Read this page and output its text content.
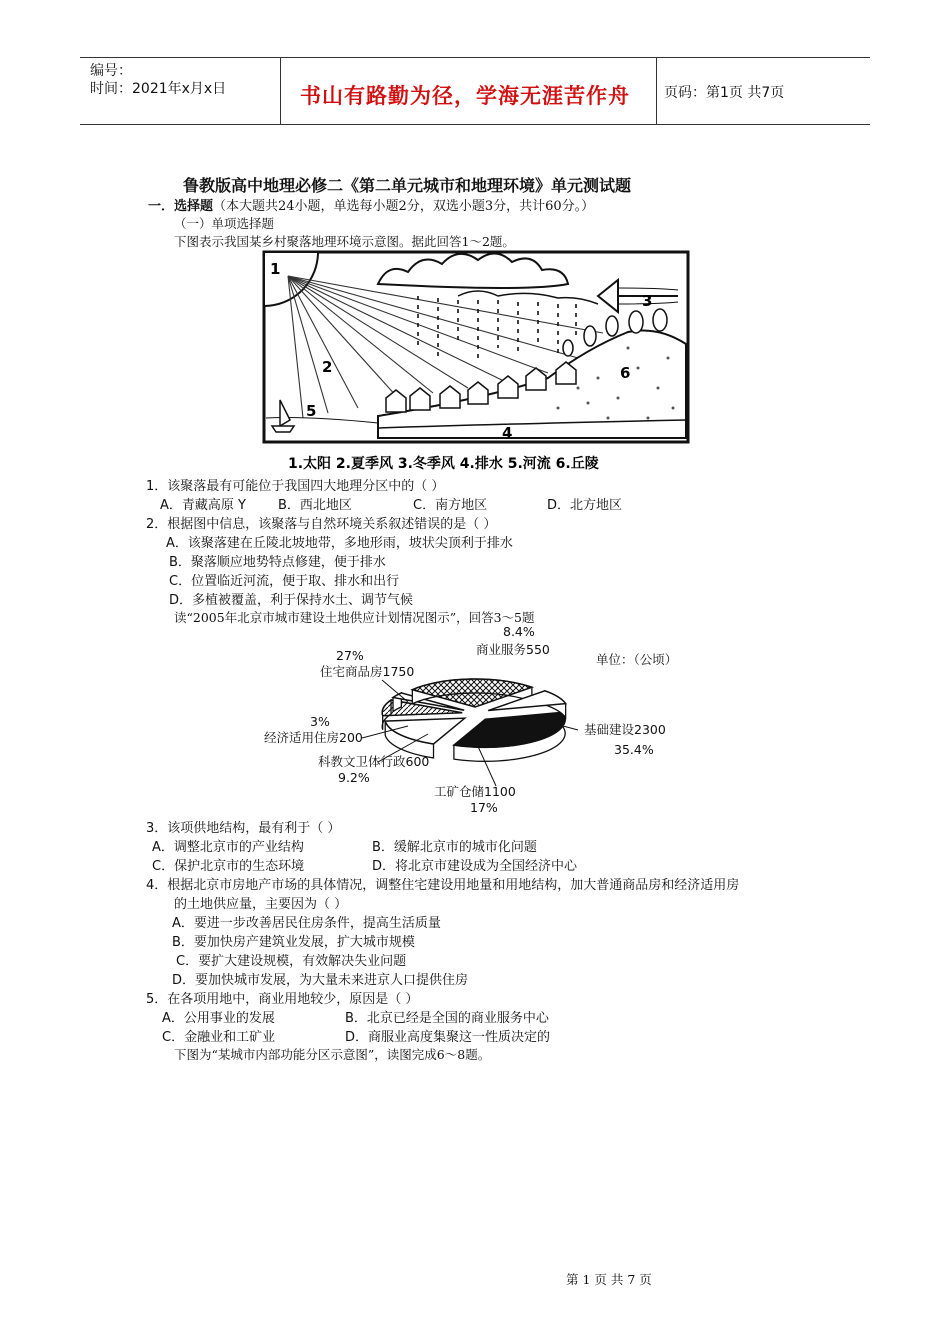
编号：
时间：2021年x月x日	书山有路勤为径，学海无涯苦作舟 页码：第1页 共7页
鲁教版高中地理必修二《第二单元城市和地理环境》单元测试题
一．选择题（本大题共24小题，单选每小题2分，双选小题3分，共计60分。）
（一）单项选择题
下图表示我国某乡村聚落地理环境示意图。据此回答1～2题。
1
2
3
4
5
6
1.太阳 2.夏季风 3.冬季风 4.排水 5.河流 6.丘陵
1．该聚落最有可能位于我国四大地理分区中的（ ）
A．青藏高原 Y B．西北地区	C．南方地区	D．北方地区
2．根据图中信息，该聚落与自然环境关系叙述错误的是（ ）
A．该聚落建在丘陵北坡地带，多地形雨，坡状尖顶利于排水
B．聚落顺应地势特点修建，便于排水
C．位置临近河流，便于取、排水和出行
D．多植被覆盖，利于保持水土、调节气候
读“2005年北京市城市建设土地供应计划情况图示”，回答3～5题
8.4%
商业服务550
单位：（公顷）
27%
住宅商品房1750
3%
经济适用住房200
基础建设2300
35.4%
科教文卫体行政600
9.2%
工矿仓储1100
17%
3．该项供地结构，最有利于（ ）
A．调整北京市的产业结构	B．缓解北京市的城市化问题
C．保护北京市的生态环境	D．将北京市建设成为全国经济中心
4．根据北京市房地产市场的具体情况，调整住宅建设用地量和用地结构，加大普通商品房和经济适用房
的土地供应量，主要因为（ ）
A．要进一步改善居民住房条件，提高生活质量
B．要加快房产建筑业发展，扩大城市规模
C．要扩大建设规模，有效解决失业问题
D．要加快城市发展，为大量未来进京人口提供住房
5．在各项用地中，商业用地较少，原因是（ ）
A．公用事业的发展	B．北京已经是全国的商业服务中心
C．金融业和工矿业	D．商服业高度集聚这一性质决定的
下图为“某城市内部功能分区示意图”，读图完成6～8题。
第 1 页 共 7 页
